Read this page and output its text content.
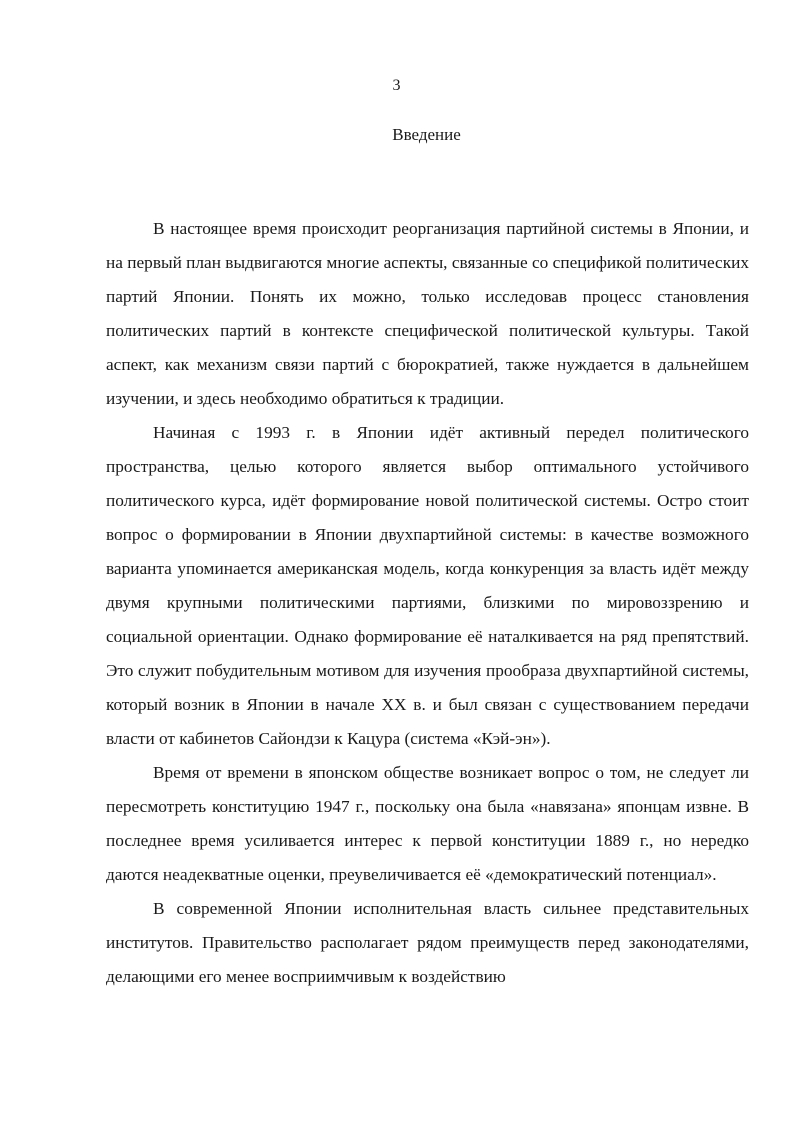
3
Введение

В настоящее время происходит реорганизация партийной системы в Японии, и на первый план выдвигаются многие аспекты, связанные со спецификой политических партий Японии. Понять их можно, только исследовав процесс становления политических партий в контексте специфической политической культуры. Такой аспект, как механизм связи партий с бюрократией, также нуждается в дальнейшем изучении, и здесь необходимо обратиться к традиции.

Начиная с 1993 г. в Японии идёт активный передел политического пространства, целью которого является выбор оптимального устойчивого политического курса, идёт формирование новой политической системы. Остро стоит вопрос о формировании в Японии двухпартийной системы: в качестве возможного варианта упоминается американская модель, когда конкуренция за власть идёт между двумя крупными политическими партиями, близкими по мировоззрению и социальной ориентации. Однако формирование её наталкивается на ряд препятствий. Это служит побудительным мотивом для изучения прообраза двухпартийной системы, который возник в Японии в начале XX в. и был связан с существованием передачи власти от кабинетов Сайондзи к Кацура (система «Кэй-эн»).

Время от времени в японском обществе возникает вопрос о том, не следует ли пересмотреть конституцию 1947 г., поскольку она была «навязана» японцам извне. В последнее время усиливается интерес к первой конституции 1889 г., но нередко даются неадекватные оценки, преувеличивается её «демократический потенциал».

В современной Японии исполнительная власть сильнее представительных институтов. Правительство располагает рядом преимуществ перед законодателями, делающими его менее восприимчивым к воздействию
